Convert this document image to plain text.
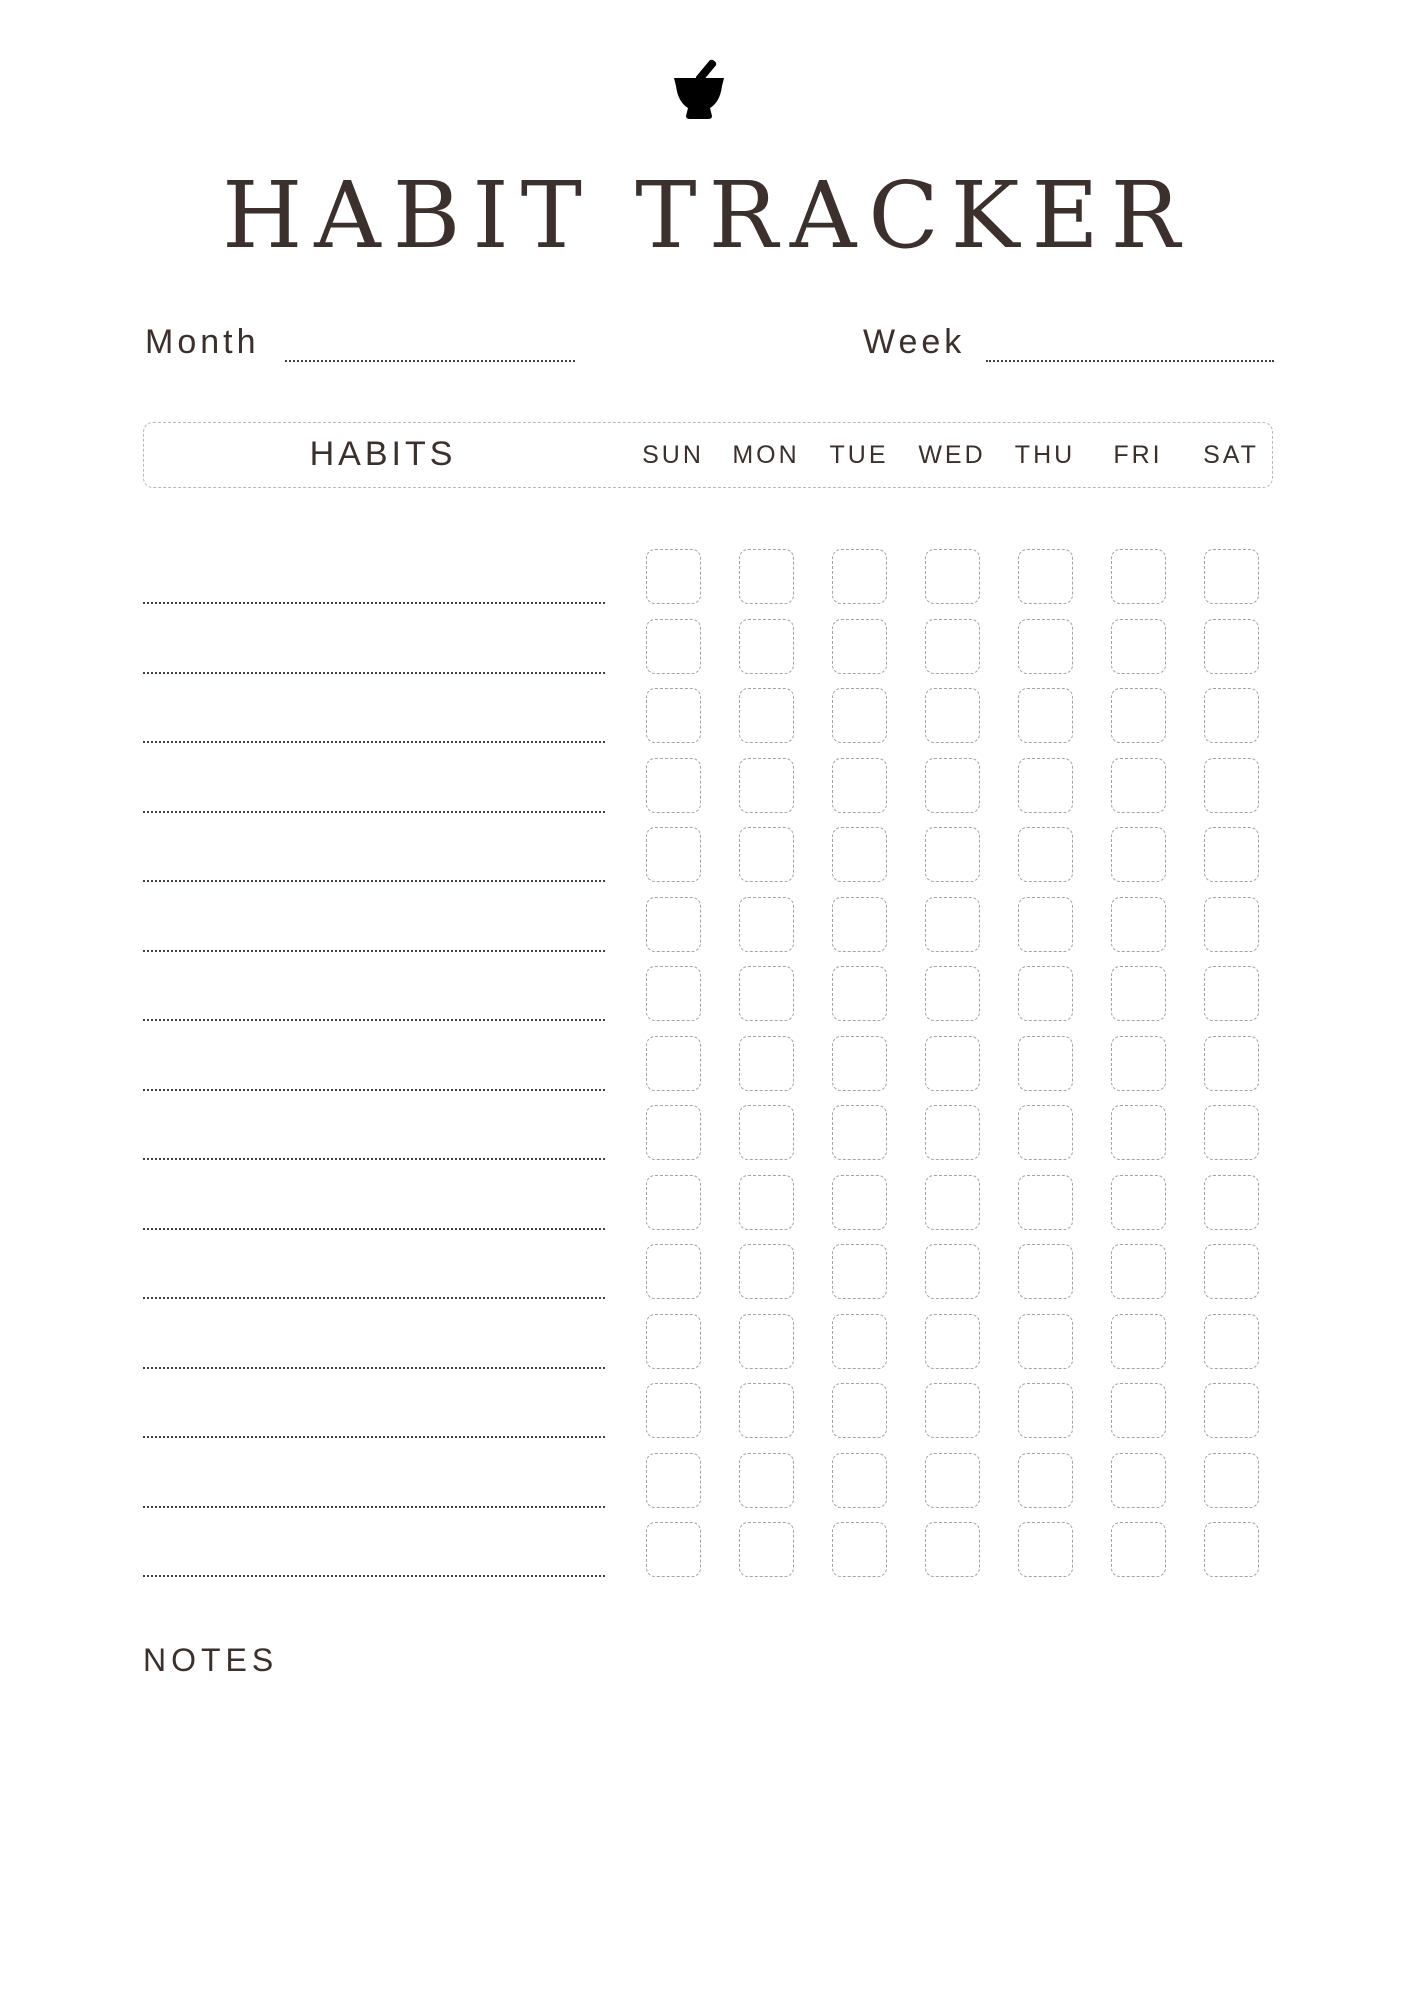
HABIT TRACKER
Month	Week
HABITS	SUN	MON	TUE	WED	THU	FRI	SAT
NOTES
